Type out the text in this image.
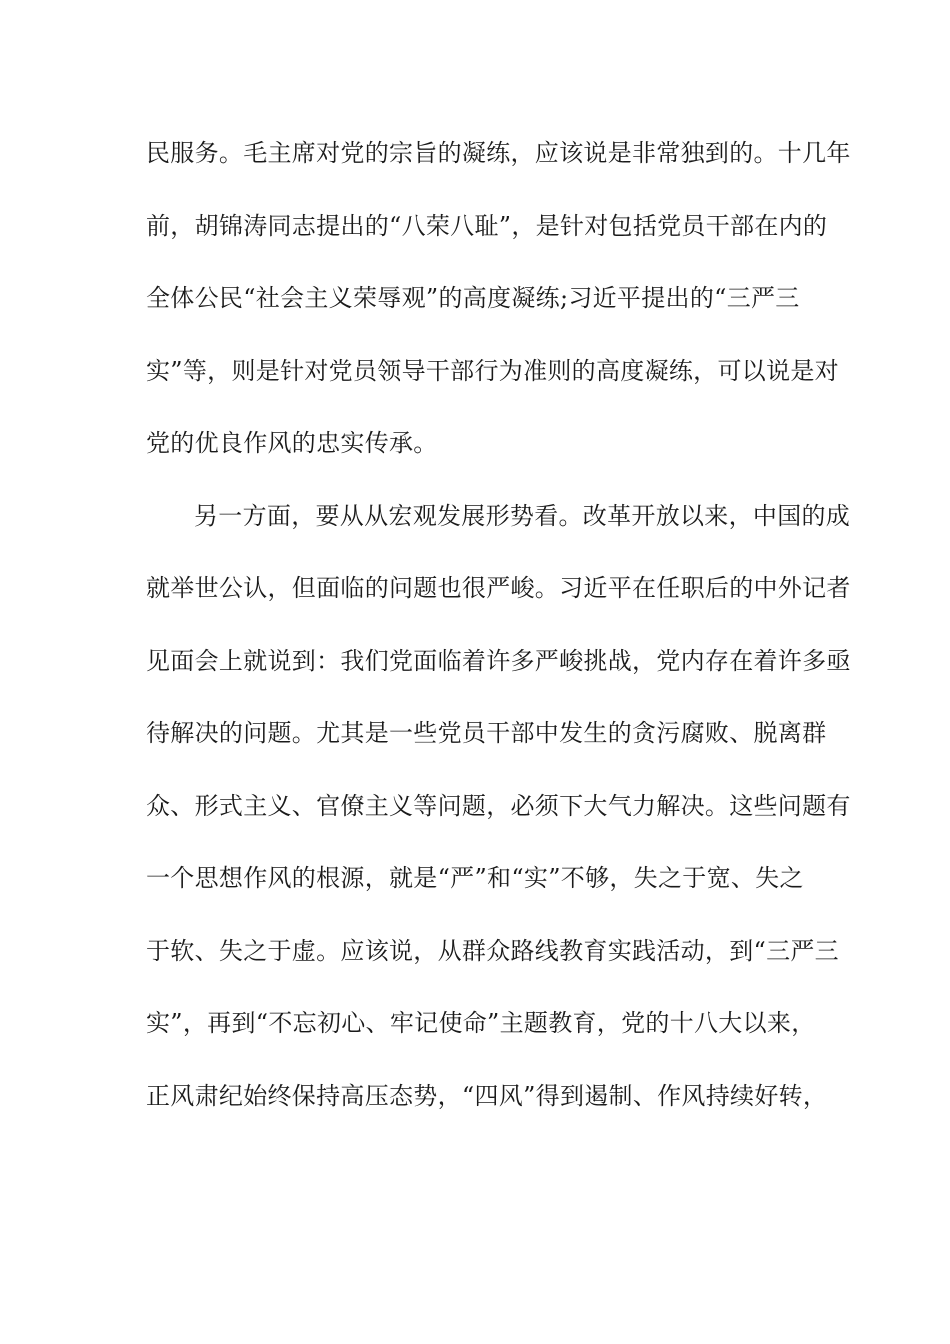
民服务。毛主席对党的宗旨的凝练，应该说是非常独到的。十几年
前，胡锦涛同志提出的“八荣八耻”，是针对包括党员干部在内的
全体公民“社会主义荣辱观”的高度凝练;习近平提出的“三严三
实”等，则是针对党员领导干部行为准则的高度凝练，可以说是对
党的优良作风的忠实传承。
另一方面，要从从宏观发展形势看。改革开放以来，中国的成
就举世公认，但面临的问题也很严峻。习近平在任职后的中外记者
见面会上就说到：我们党面临着许多严峻挑战，党内存在着许多亟
待解决的问题。尤其是一些党员干部中发生的贪污腐败、脱离群
众、形式主义、官僚主义等问题，必须下大气力解决。这些问题有
一个思想作风的根源，就是“严”和“实”不够，失之于宽、失之
于软、失之于虚。应该说，从群众路线教育实践活动，到“三严三
实”，再到“不忘初心、牢记使命”主题教育，党的十八大以来，
正风肃纪始终保持高压态势，“四风”得到遏制、作风持续好转，
